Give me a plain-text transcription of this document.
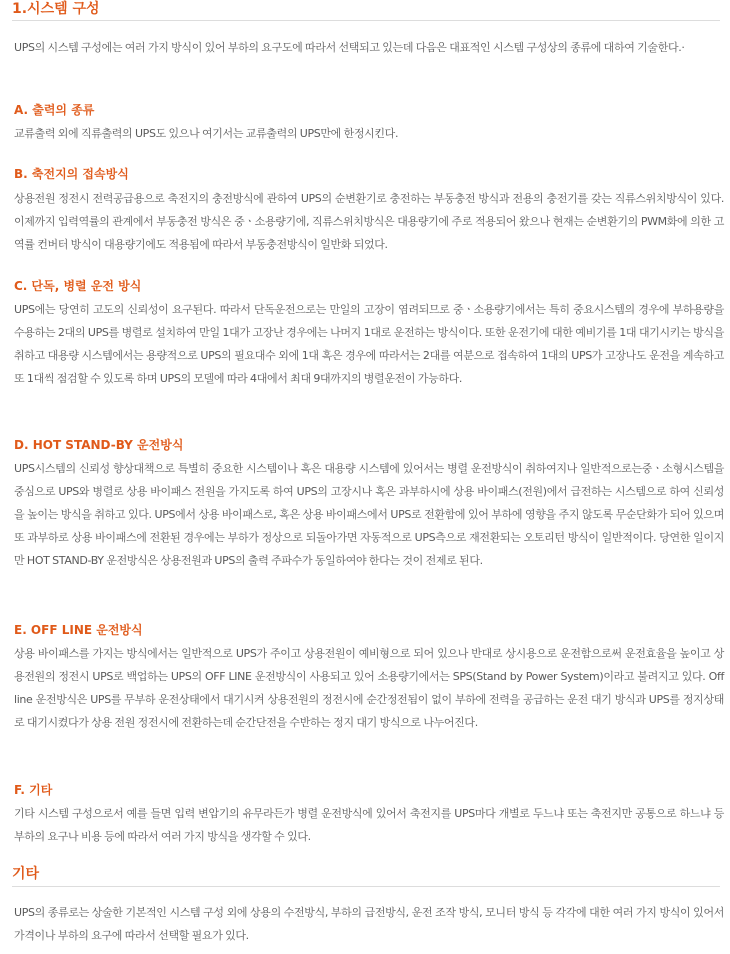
1.시스템 구성

UPS의 시스템 구성에는 여러 가지 방식이 있어 부하의 요구도에 따라서 선택되고 있는데 다음은 대표적인 시스템 구성상의 종류에 대하여 기술한다.·

A. 출력의 종류

교류출력 외에 직류출력의 UPS도 있으나 여기서는 교류출력의 UPS만에 한정시킨다.

B. 축전지의 접속방식

상용전원 정전시 전력공급용으로 축전지의 충전방식에 관하여 UPS의 순변환기로 충전하는 부동충전 방식과 전용의 충전기를 갖는 직류스위치방식이 있다. 이제까지 입력역률의 관계에서 부동충전 방식은 중ㆍ소용량기에, 직류스위치방식은 대용량기에 주로 적용되어 왔으나 현재는 순변환기의 PWM화에 의한 고역률 컨버터 방식이 대용량기에도 적용됨에 따라서 부동충전방식이 일반화 되었다.

C. 단독, 병렬 운전 방식

UPS에는 당연히 고도의 신뢰성이 요구된다. 따라서 단독운전으로는 만일의 고장이 염려되므로 중ㆍ소용량기에서는 특히 중요시스템의 경우에 부하용량을 수용하는 2대의 UPS를 병렬로 설치하여 만일 1대가 고장난 경우에는 나머지 1대로 운전하는 방식이다. 또한 운전기에 대한 예비기를 1대 대기시키는 방식을 취하고 대용량 시스템에서는 용량적으로 UPS의 필요대수 외에 1대 혹은 경우에 따라서는 2대를 여분으로 접속하여 1대의 UPS가 고장나도 운전을 계속하고 또 1대씩 점검할 수 있도록 하며 UPS의 모델에 따라 4대에서 최대 9대까지의 병렬운전이 가능하다.

D. HOT STAND-BY 운전방식

UPS시스템의 신뢰성 향상대책으로 특별히 중요한 시스템이나 혹은 대용량 시스템에 있어서는 병렬 운전방식이 취하여지나 일반적으로는중ㆍ소형시스템을 중심으로 UPS와 병렬로 상용 바이패스 전원을 가지도록 하여 UPS의 고장시나 혹은 과부하시에 상용 바이패스(전원)에서 급전하는 시스템으로 하여 신뢰성을 높이는 방식을 취하고 있다. UPS에서 상용 바이패스로, 혹은 상용 바이패스에서 UPS로 전환함에 있어 부하에 영향을 주지 않도록 무순단화가 되어 있으며 또 과부하로 상용 바이패스에 전환된 경우에는 부하가 정상으로 되돌아가면 자동적으로 UPS측으로 재전환되는 오토리턴 방식이 일반적이다. 당연한 일이지만 HOT STAND-BY 운전방식은 상용전원과 UPS의 출력 주파수가 동일하여야 한다는 것이 전제로 된다.

E. OFF LINE 운전방식

상용 바이패스를 가지는 방식에서는 일반적으로 UPS가 주이고 상용전원이 예비형으로 되어 있으나 반대로 상시용으로 운전함으로써 운전효율을 높이고 상용전원의 정전시 UPS로 백업하는 UPS의 OFF LINE 운전방식이 사용되고 있어 소용량기에서는 SPS(Stand by Power System)이라고 불려지고 있다. Off line 운전방식은 UPS를 무부하 운전상태에서 대기시켜 상용전원의 정전시에 순간정전됨이 없이 부하에 전력을 공급하는 운전 대기 방식과 UPS를 정지상태로 대기시켰다가 상용 전원 정전시에 전환하는데 순간단전을 수반하는 정지 대기 방식으로 나누어진다.

F. 기타

기타 시스템 구성으로서 예를 들면 입력 변압기의 유무라든가 병렬 운전방식에 있어서 축전지를 UPS마다 개별로 두느냐 또는 축전지만 공통으로 하느냐 등 부하의 요구나 비용 등에 따라서 여러 가지 방식을 생각할 수 있다.

기타

UPS의 종류로는 상술한 기본적인 시스템 구성 외에 상용의 수전방식, 부하의 급전방식, 운전 조작 방식, 모니터 방식 등 각각에 대한 여러 가지 방식이 있어서 가격이나 부하의 요구에 따라서 선택할 필요가 있다.
